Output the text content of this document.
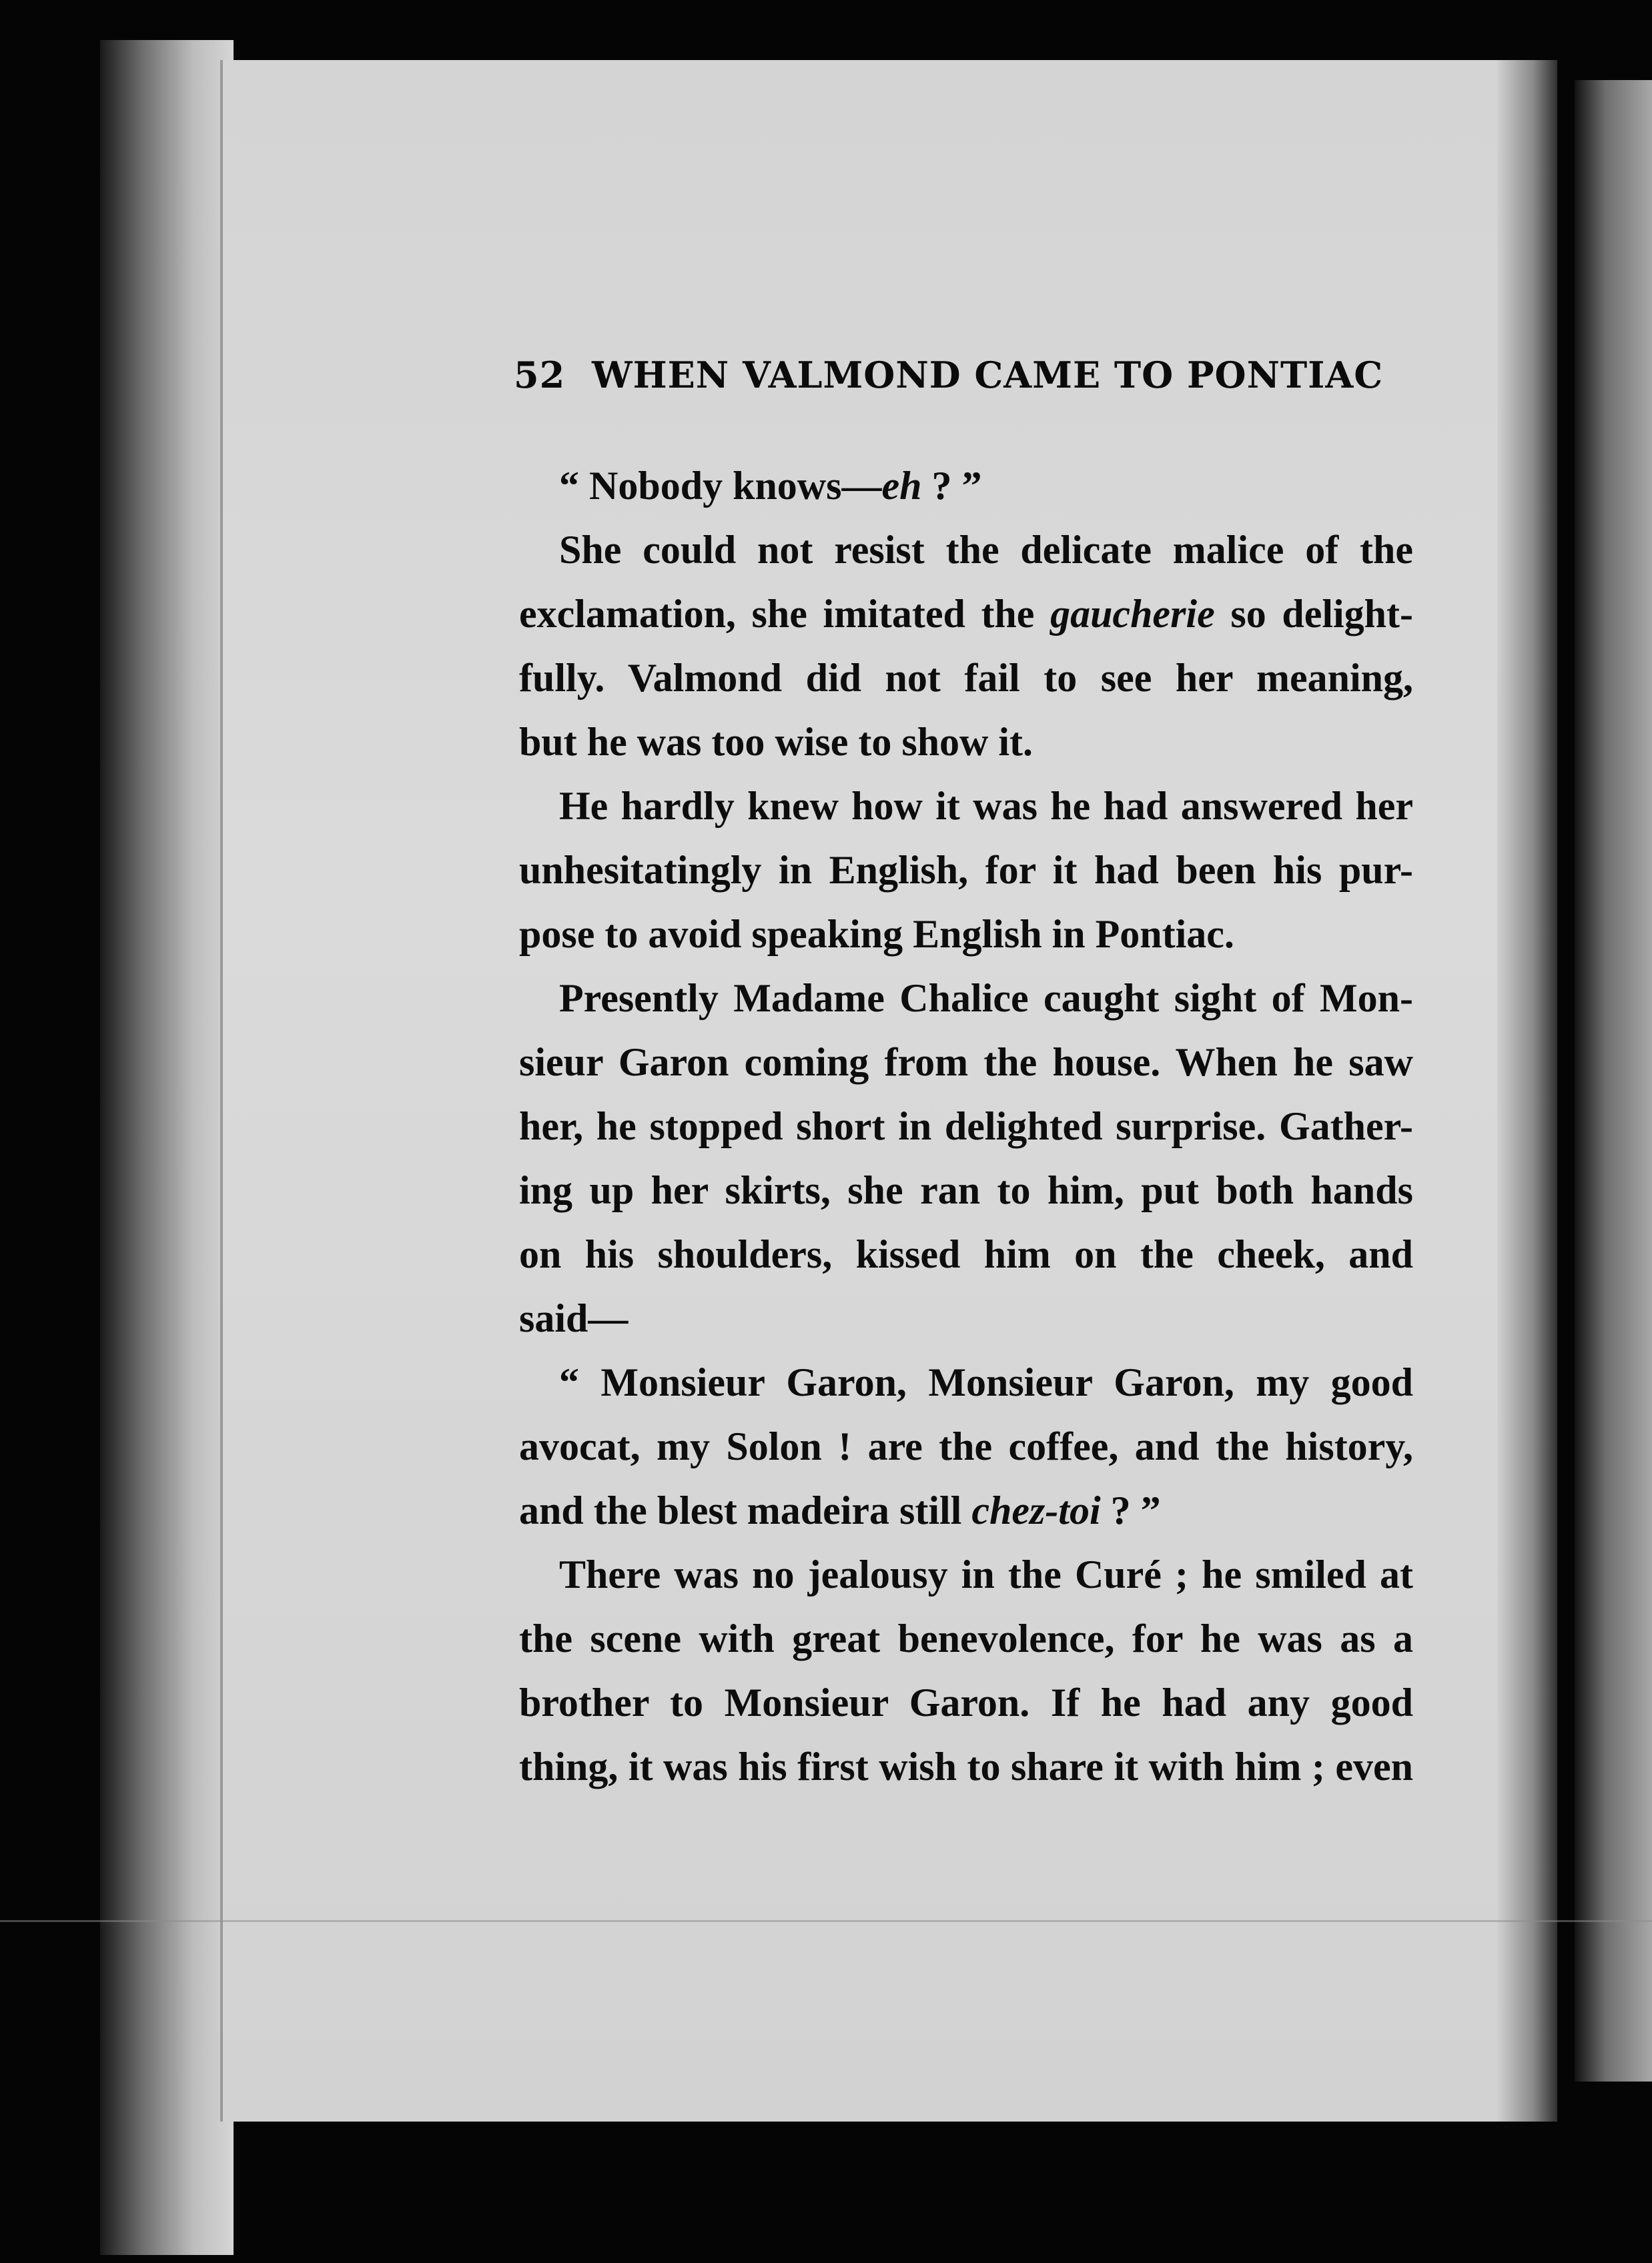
52 WHEN VALMOND CAME TO PONTIAC
“ Nobody knows—eh ? ”
She could not resist the delicate malice of the
exclamation, she imitated the gaucherie so delight-
fully. Valmond did not fail to see her meaning,
but he was too wise to show it.
He hardly knew how it was he had answered her
unhesitatingly in English, for it had been his pur-
pose to avoid speaking English in Pontiac.
Presently Madame Chalice caught sight of Mon-
sieur Garon coming from the house. When he saw
her, he stopped short in delighted surprise. Gather-
ing up her skirts, she ran to him, put both hands
on his shoulders, kissed him on the cheek, and
said—
“ Monsieur Garon, Monsieur Garon, my good
avocat, my Solon ! are the coffee, and the history,
and the blest madeira still chez-toi ? ”
There was no jealousy in the Curé ; he smiled at
the scene with great benevolence, for he was as a
brother to Monsieur Garon. If he had any good
thing, it was his first wish to share it with him ; even
